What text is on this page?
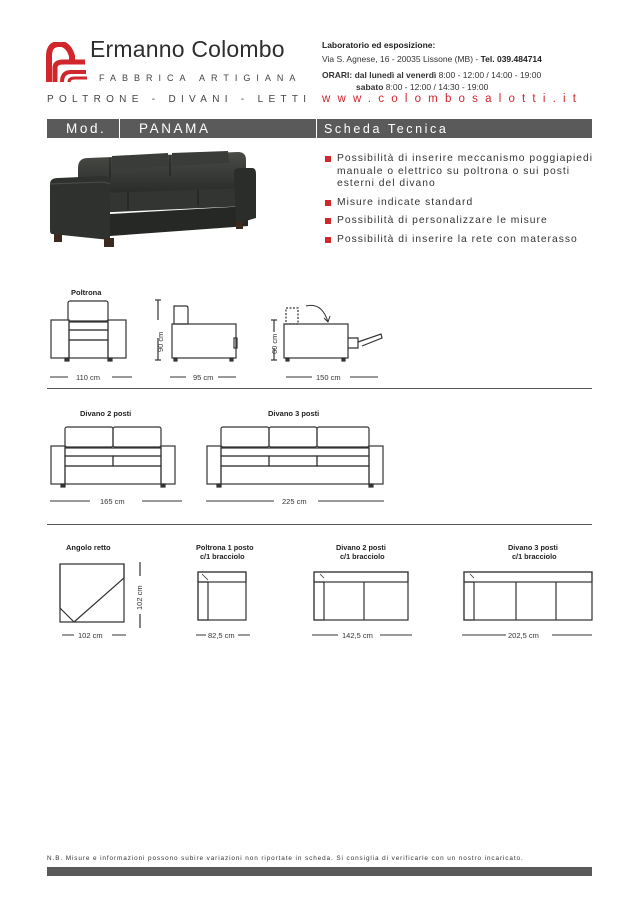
Ermanno Colombo
FABBRICA ARTIGIANA
POLTRONE - DIVANI - LETTI
Laboratorio ed esposizione:
Via S. Agnese, 16 - 20035 Lissone (MB) - Tel. 039.484714
ORARI: dal lunedì al venerdì 8:00 - 12:00 / 14:00 - 19:00
sabato 8:00 - 12:00 / 14:30 - 19:00
www.colombosalotti.it
Mod. PANAMA	Scheda Tecnica
Possibilità di inserire meccanismo poggiapiedi manuale o elettrico su poltrona o sui posti esterni del divano
Misure indicate standard
Possibilità di personalizzare le misure
Possibilità di inserire la rete con materasso
Poltrona
110 cm
90 cm
95 cm
60 cm
150 cm
Divano 2 posti	Divano 3 posti
165 cm	225 cm
Angolo retto
102 cm
102 cm
Poltrona 1 posto
c/1 bracciolo
82,5 cm
Divano 2 posti
c/1 bracciolo
142,5 cm
Divano 3 posti
c/1 bracciolo
202,5 cm
N.B. Misure e informazioni possono subire variazioni non riportate in scheda. Si consiglia di verificarle con un nostro incaricato.
